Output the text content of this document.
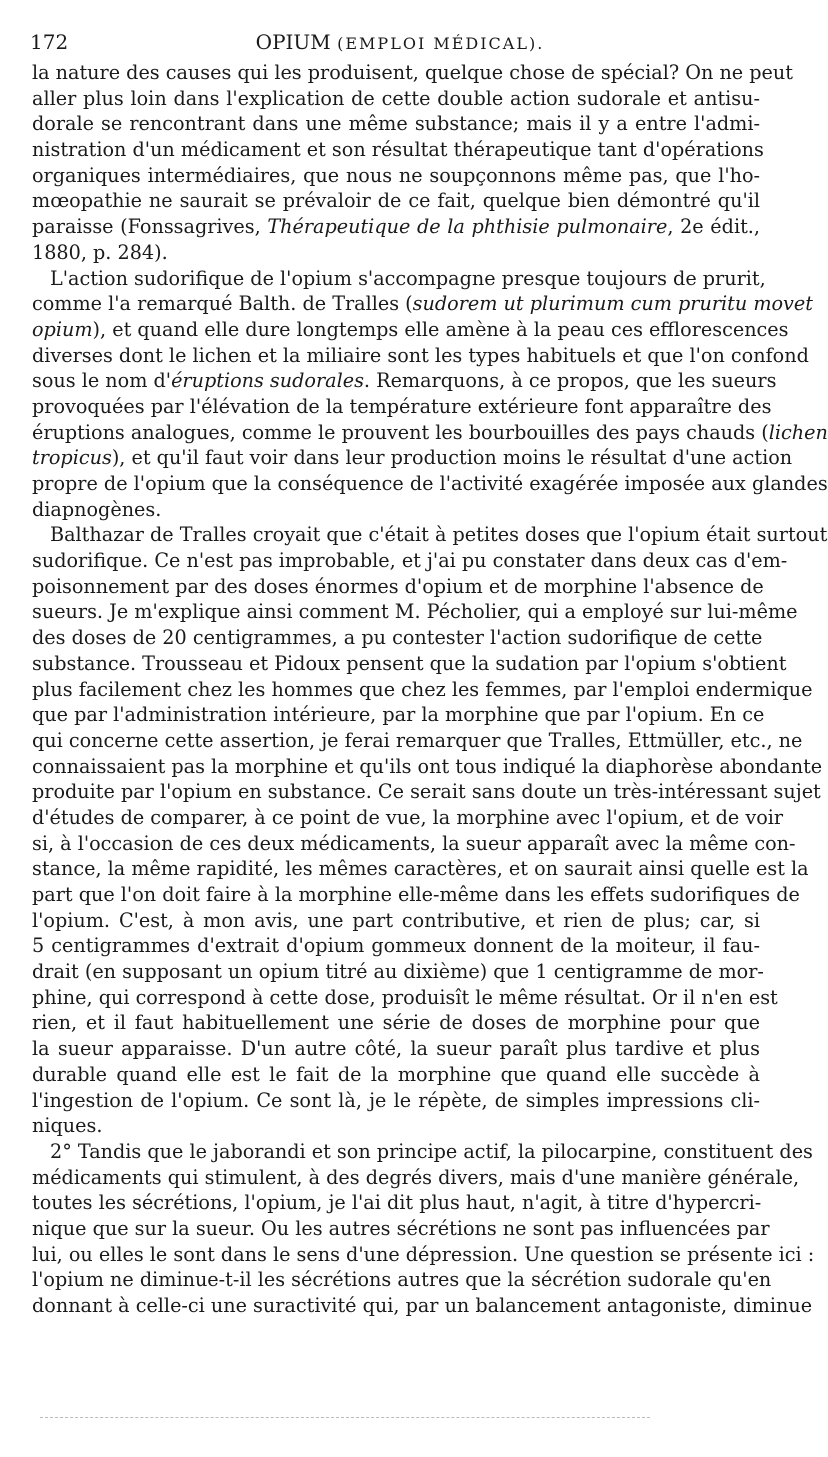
172	OPIUM (EMPLOI MÉDICAL).
la nature des causes qui les produisent, quelque chose de spécial? On ne peut
aller plus loin dans l'explication de cette double action sudorale et antisu-
dorale se rencontrant dans une même substance; mais il y a entre l'admi-
nistration d'un médicament et son résultat thérapeutique tant d'opérations
organiques intermédiaires, que nous ne soupçonnons même pas, que l'ho-
mœopathie ne saurait se prévaloir de ce fait, quelque bien démontré qu'il
paraisse (Fonssagrives, Thérapeutique de la phthisie pulmonaire, 2e édit.,
1880, p. 284).
L'action sudorifique de l'opium s'accompagne presque toujours de prurit,
comme l'a remarqué Balth. de Tralles (sudorem ut plurimum cum pruritu movet
opium), et quand elle dure longtemps elle amène à la peau ces efflorescences
diverses dont le lichen et la miliaire sont les types habituels et que l'on confond
sous le nom d'éruptions sudorales. Remarquons, à ce propos, que les sueurs
provoquées par l'élévation de la température extérieure font apparaître des
éruptions analogues, comme le prouvent les bourbouilles des pays chauds (lichen
tropicus), et qu'il faut voir dans leur production moins le résultat d'une action
propre de l'opium que la conséquence de l'activité exagérée imposée aux glandes
diapnogènes.
Balthazar de Tralles croyait que c'était à petites doses que l'opium était surtout
sudorifique. Ce n'est pas improbable, et j'ai pu constater dans deux cas d'em-
poisonnement par des doses énormes d'opium et de morphine l'absence de
sueurs. Je m'explique ainsi comment M. Pécholier, qui a employé sur lui-même
des doses de 20 centigrammes, a pu contester l'action sudorifique de cette
substance. Trousseau et Pidoux pensent que la sudation par l'opium s'obtient
plus facilement chez les hommes que chez les femmes, par l'emploi endermique
que par l'administration intérieure, par la morphine que par l'opium. En ce
qui concerne cette assertion, je ferai remarquer que Tralles, Ettmüller, etc., ne
connaissaient pas la morphine et qu'ils ont tous indiqué la diaphorèse abondante
produite par l'opium en substance. Ce serait sans doute un très-intéressant sujet
d'études de comparer, à ce point de vue, la morphine avec l'opium, et de voir
si, à l'occasion de ces deux médicaments, la sueur apparaît avec la même con-
stance, la même rapidité, les mêmes caractères, et on saurait ainsi quelle est la
part que l'on doit faire à la morphine elle-même dans les effets sudorifiques de
l'opium. C'est, à mon avis, une part contributive, et rien de plus; car, si
5 centigrammes d'extrait d'opium gommeux donnent de la moiteur, il fau-
drait (en supposant un opium titré au dixième) que 1 centigramme de mor-
phine, qui correspond à cette dose, produisît le même résultat. Or il n'en est
rien, et il faut habituellement une série de doses de morphine pour que
la sueur apparaisse. D'un autre côté, la sueur paraît plus tardive et plus
durable quand elle est le fait de la morphine que quand elle succède à
l'ingestion de l'opium. Ce sont là, je le répète, de simples impressions cli-
niques.
2° Tandis que le jaborandi et son principe actif, la pilocarpine, constituent des
médicaments qui stimulent, à des degrés divers, mais d'une manière générale,
toutes les sécrétions, l'opium, je l'ai dit plus haut, n'agit, à titre d'hypercri-
nique que sur la sueur. Ou les autres sécrétions ne sont pas influencées par
lui, ou elles le sont dans le sens d'une dépression. Une question se présente ici :
l'opium ne diminue-t-il les sécrétions autres que la sécrétion sudorale qu'en
donnant à celle-ci une suractivité qui, par un balancement antagoniste, diminue
